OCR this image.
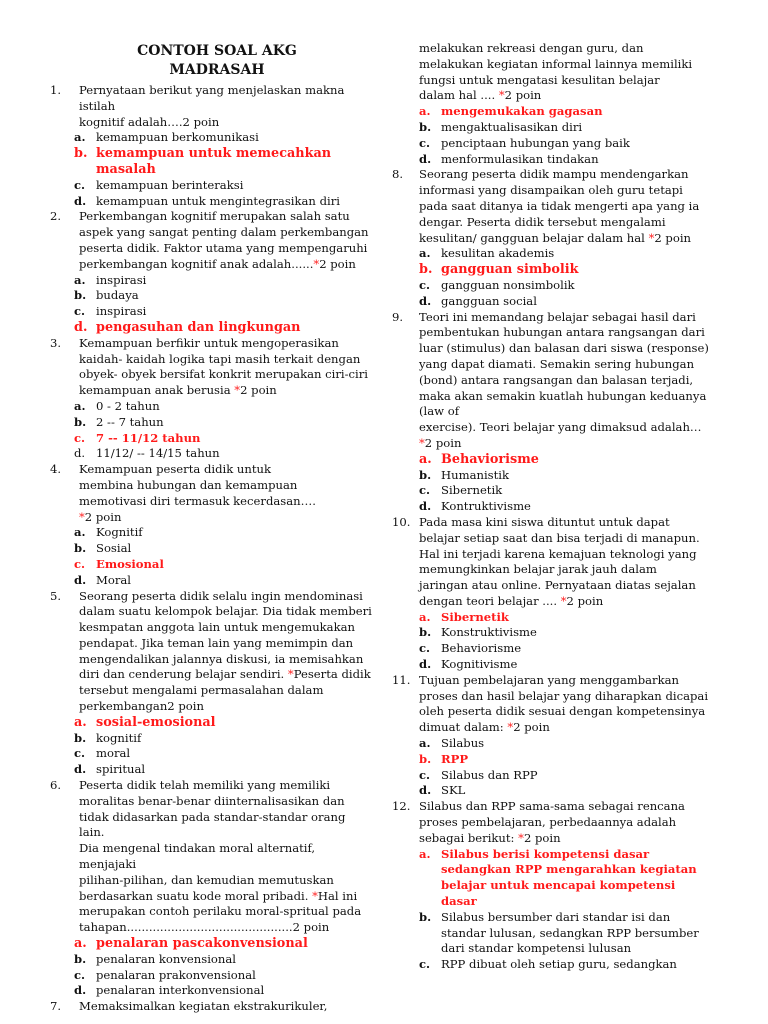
CONTOH SOAL AKG
MADRASAH
1.	Pernyataan berikut yang menjelaskan makna
istilah
kognitif adalah….2 poin
a. kemampuan berkomunikasi
b. kemampuan untuk memecahkan
masalah
c. kemampuan berinteraksi
d. kemampuan untuk mengintegrasikan diri
2.	Perkembangan kognitif merupakan salah satu
aspek yang sangat penting dalam perkembangan
peserta didik. Faktor utama yang mempengaruhi
perkembangan kognitif anak adalah......*2 poin
a. inspirasi
b. budaya
c. inspirasi
d. pengasuhan dan lingkungan
3.	Kemampuan berfikir untuk mengoperasikan
kaidah- kaidah logika tapi masih terkait dengan
obyek- obyek bersifat konkrit merupakan ciri-ciri
kemampuan anak berusia *2 poin
a. 0 - 2 tahun
b. 2 -- 7 tahun
c. 7 -- 11/12 tahun
d. 11/12/ -- 14/15 tahun
4.	Kemampuan peserta didik untuk
membina hubungan dan kemampuan
memotivasi diri termasuk kecerdasan….
*2 poin
a. Kognitif
b. Sosial
c. Emosional
d. Moral
5.	Seorang peserta didik selalu ingin mendominasi
dalam suatu kelompok belajar. Dia tidak memberi
kesmpatan anggota lain untuk mengemukakan
pendapat. Jika teman lain yang memimpin dan
mengendalikan jalannya diskusi, ia memisahkan
diri dan cenderung belajar sendiri. *Peserta didik
tersebut mengalami permasalahan dalam
perkembangan2 poin
a. sosial-emosional
b. kognitif
c. moral
d. spiritual
6.	Peserta didik telah memiliki yang memiliki
moralitas benar-benar diinternalisasikan dan
tidak didasarkan pada standar-standar orang lain.
Dia mengenal tindakan moral alternatif, menjajaki
pilihan-pilihan, dan kemudian memutuskan
berdasarkan suatu kode moral pribadi. *Hal ini
merupakan contoh perilaku moral-spritual pada
tahapan.............................................2 poin
a. penalaran pascakonvensional
b. penalaran konvensional
c. penalaran prakonvensional
d. penalaran interkonvensional
7.	Memaksimalkan kegiatan ekstrakurikuler,
melakukan rekreasi dengan guru, dan
melakukan kegiatan informal lainnya memiliki
fungsi untuk mengatasi kesulitan belajar
dalam hal .... *2 poin
a. mengemukakan gagasan
b. mengaktualisasikan diri
c. penciptaan hubungan yang baik
d. menformulasikan tindakan
8.	Seorang peserta didik mampu mendengarkan
informasi yang disampaikan oleh guru tetapi
pada saat ditanya ia tidak mengerti apa yang ia
dengar. Peserta didik tersebut mengalami
kesulitan/ gangguan belajar dalam hal *2 poin
a. kesulitan akademis
b. gangguan simbolik
c. gangguan nonsimbolik
d. gangguan social
9.	Teori ini memandang belajar sebagai hasil dari
pembentukan hubungan antara rangsangan dari
luar (stimulus) dan balasan dari siswa (response)
yang dapat diamati. Semakin sering hubungan
(bond) antara rangsangan dan balasan terjadi,
maka akan semakin kuatlah hubungan keduanya
(law of
exercise). Teori belajar yang dimaksud adalah…
*2 poin
a. Behaviorisme
b. Humanistik
c. Sibernetik
d. Kontruktivisme
10. Pada masa kini siswa dituntut untuk dapat
belajar setiap saat dan bisa terjadi di manapun.
Hal ini terjadi karena kemajuan teknologi yang
memungkinkan belajar jarak jauh dalam
jaringan atau online. Pernyataan diatas sejalan
dengan teori belajar .... *2 poin
a. Sibernetik
b. Konstruktivisme
c. Behaviorisme
d. Kognitivisme
11. Tujuan pembelajaran yang menggambarkan
proses dan hasil belajar yang diharapkan dicapai
oleh peserta didik sesuai dengan kompetensinya
dimuat dalam: *2 poin
a. Silabus
b. RPP
c. Silabus dan RPP
d. SKL
12. Silabus dan RPP sama-sama sebagai rencana
proses pembelajaran, perbedaannya adalah
sebagai berikut: *2 poin
a. Silabus berisi kompetensi dasar
sedangkan RPP mengarahkan kegiatan
belajar untuk mencapai kompetensi
dasar
b. Silabus bersumber dari standar isi dan
standar lulusan, sedangkan RPP bersumber
dari standar kompetensi lulusan
c. RPP dibuat oleh setiap guru, sedangkan
